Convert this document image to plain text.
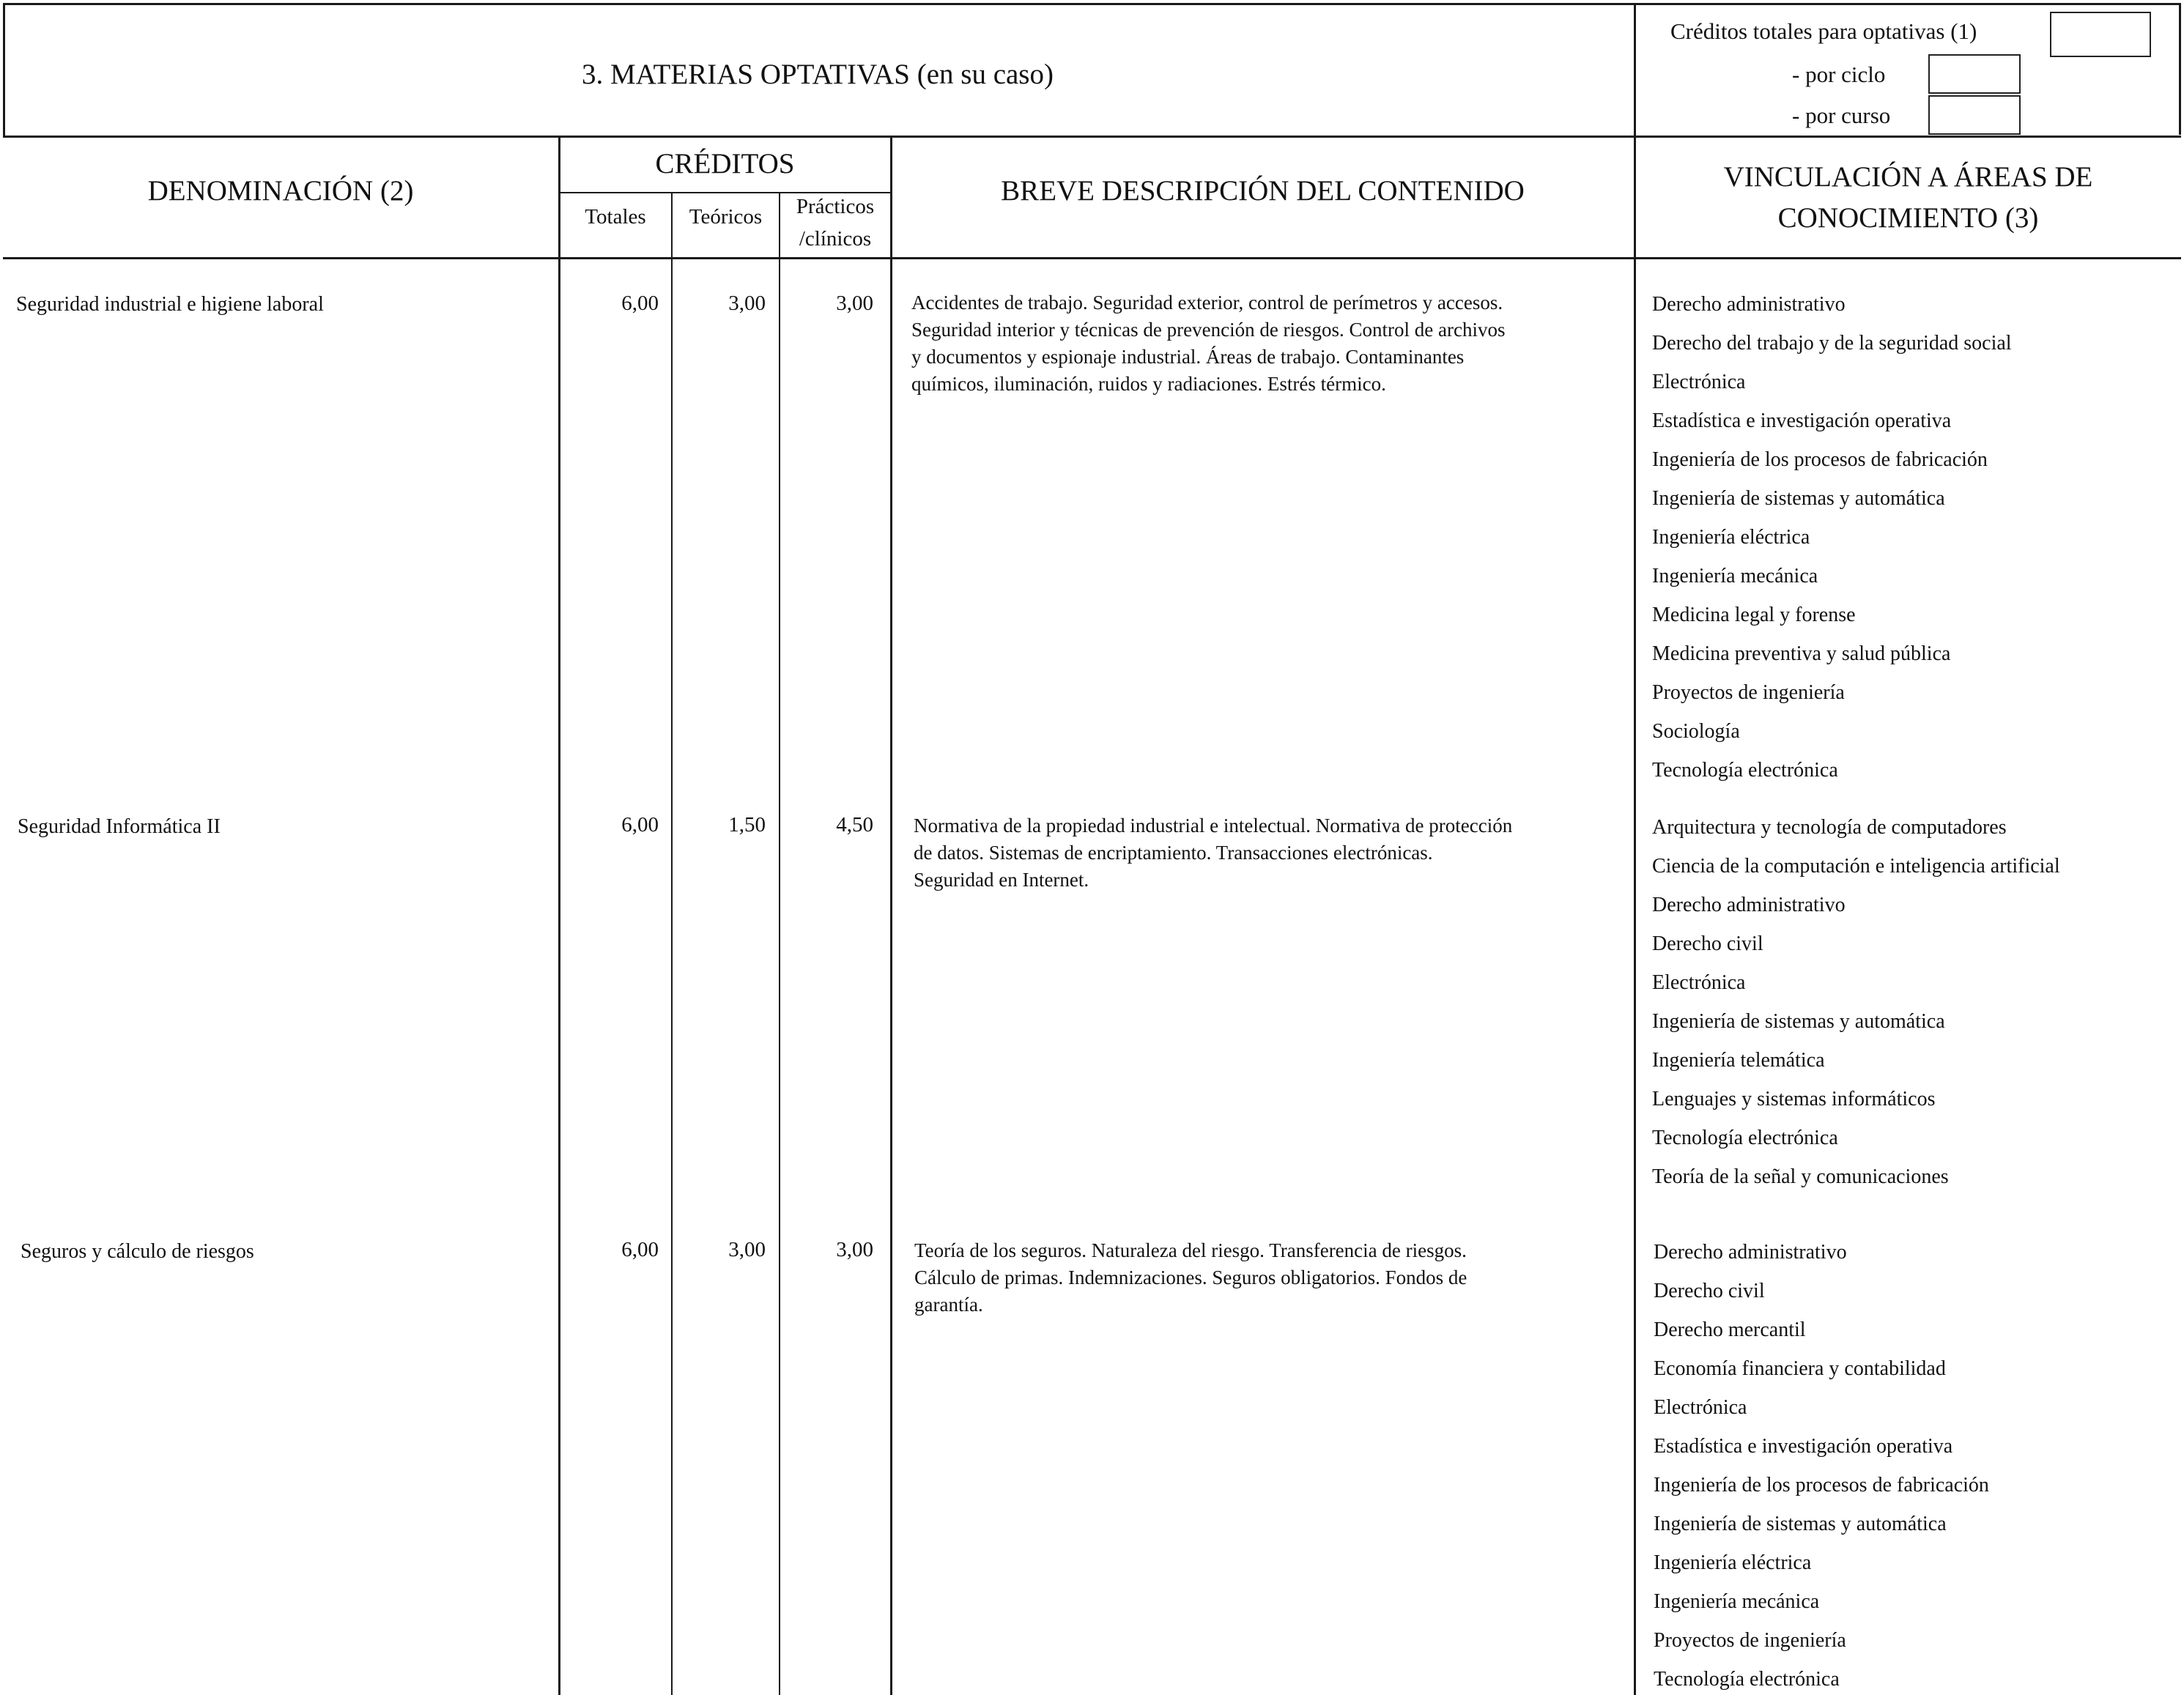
3. MATERIAS OPTATIVAS (en su caso)
Créditos totales para optativas (1)
- por ciclo
- por curso
DENOMINACIÓN (2)
CRÉDITOS
Totales	Teóricos	Prácticos
/clínicos
BREVE DESCRIPCIÓN DEL CONTENIDO	VINCULACIÓN A ÁREAS DE
CONOCIMIENTO (3)
Seguridad industrial e higiene laboral	6,00	3,00	3,00 Accidentes de trabajo. Seguridad exterior, control de perímetros y accesos.
Seguridad interior y técnicas de prevención de riesgos. Control de archivos
y documentos y espionaje industrial. Áreas de trabajo. Contaminantes
químicos, iluminación, ruidos y radiaciones. Estrés térmico.
Derecho administrativo
Derecho del trabajo y de la seguridad social
Electrónica
Estadística e investigación operativa
Ingeniería de los procesos de fabricación
Ingeniería de sistemas y automática
Ingeniería eléctrica
Ingeniería mecánica
Medicina legal y forense
Medicina preventiva y salud pública
Proyectos de ingeniería
Sociología
Tecnología electrónica
Seguridad Informática II	6,00	1,50	4,50 Normativa de la propiedad industrial e intelectual. Normativa de protección
de datos. Sistemas de encriptamiento. Transacciones electrónicas.
Seguridad en Internet.
Arquitectura y tecnología de computadores
Ciencia de la computación e inteligencia artificial
Derecho administrativo
Derecho civil
Electrónica
Ingeniería de sistemas y automática
Ingeniería telemática
Lenguajes y sistemas informáticos
Tecnología electrónica
Teoría de la señal y comunicaciones
Seguros y cálculo de riesgos	6,00	3,00	3,00 Teoría de los seguros. Naturaleza del riesgo. Transferencia de riesgos.
Cálculo de primas. Indemnizaciones. Seguros obligatorios. Fondos de
garantía.
Derecho administrativo
Derecho civil
Derecho mercantil
Economía financiera y contabilidad
Electrónica
Estadística e investigación operativa
Ingeniería de los procesos de fabricación
Ingeniería de sistemas y automática
Ingeniería eléctrica
Ingeniería mecánica
Proyectos de ingeniería
Tecnología electrónica
